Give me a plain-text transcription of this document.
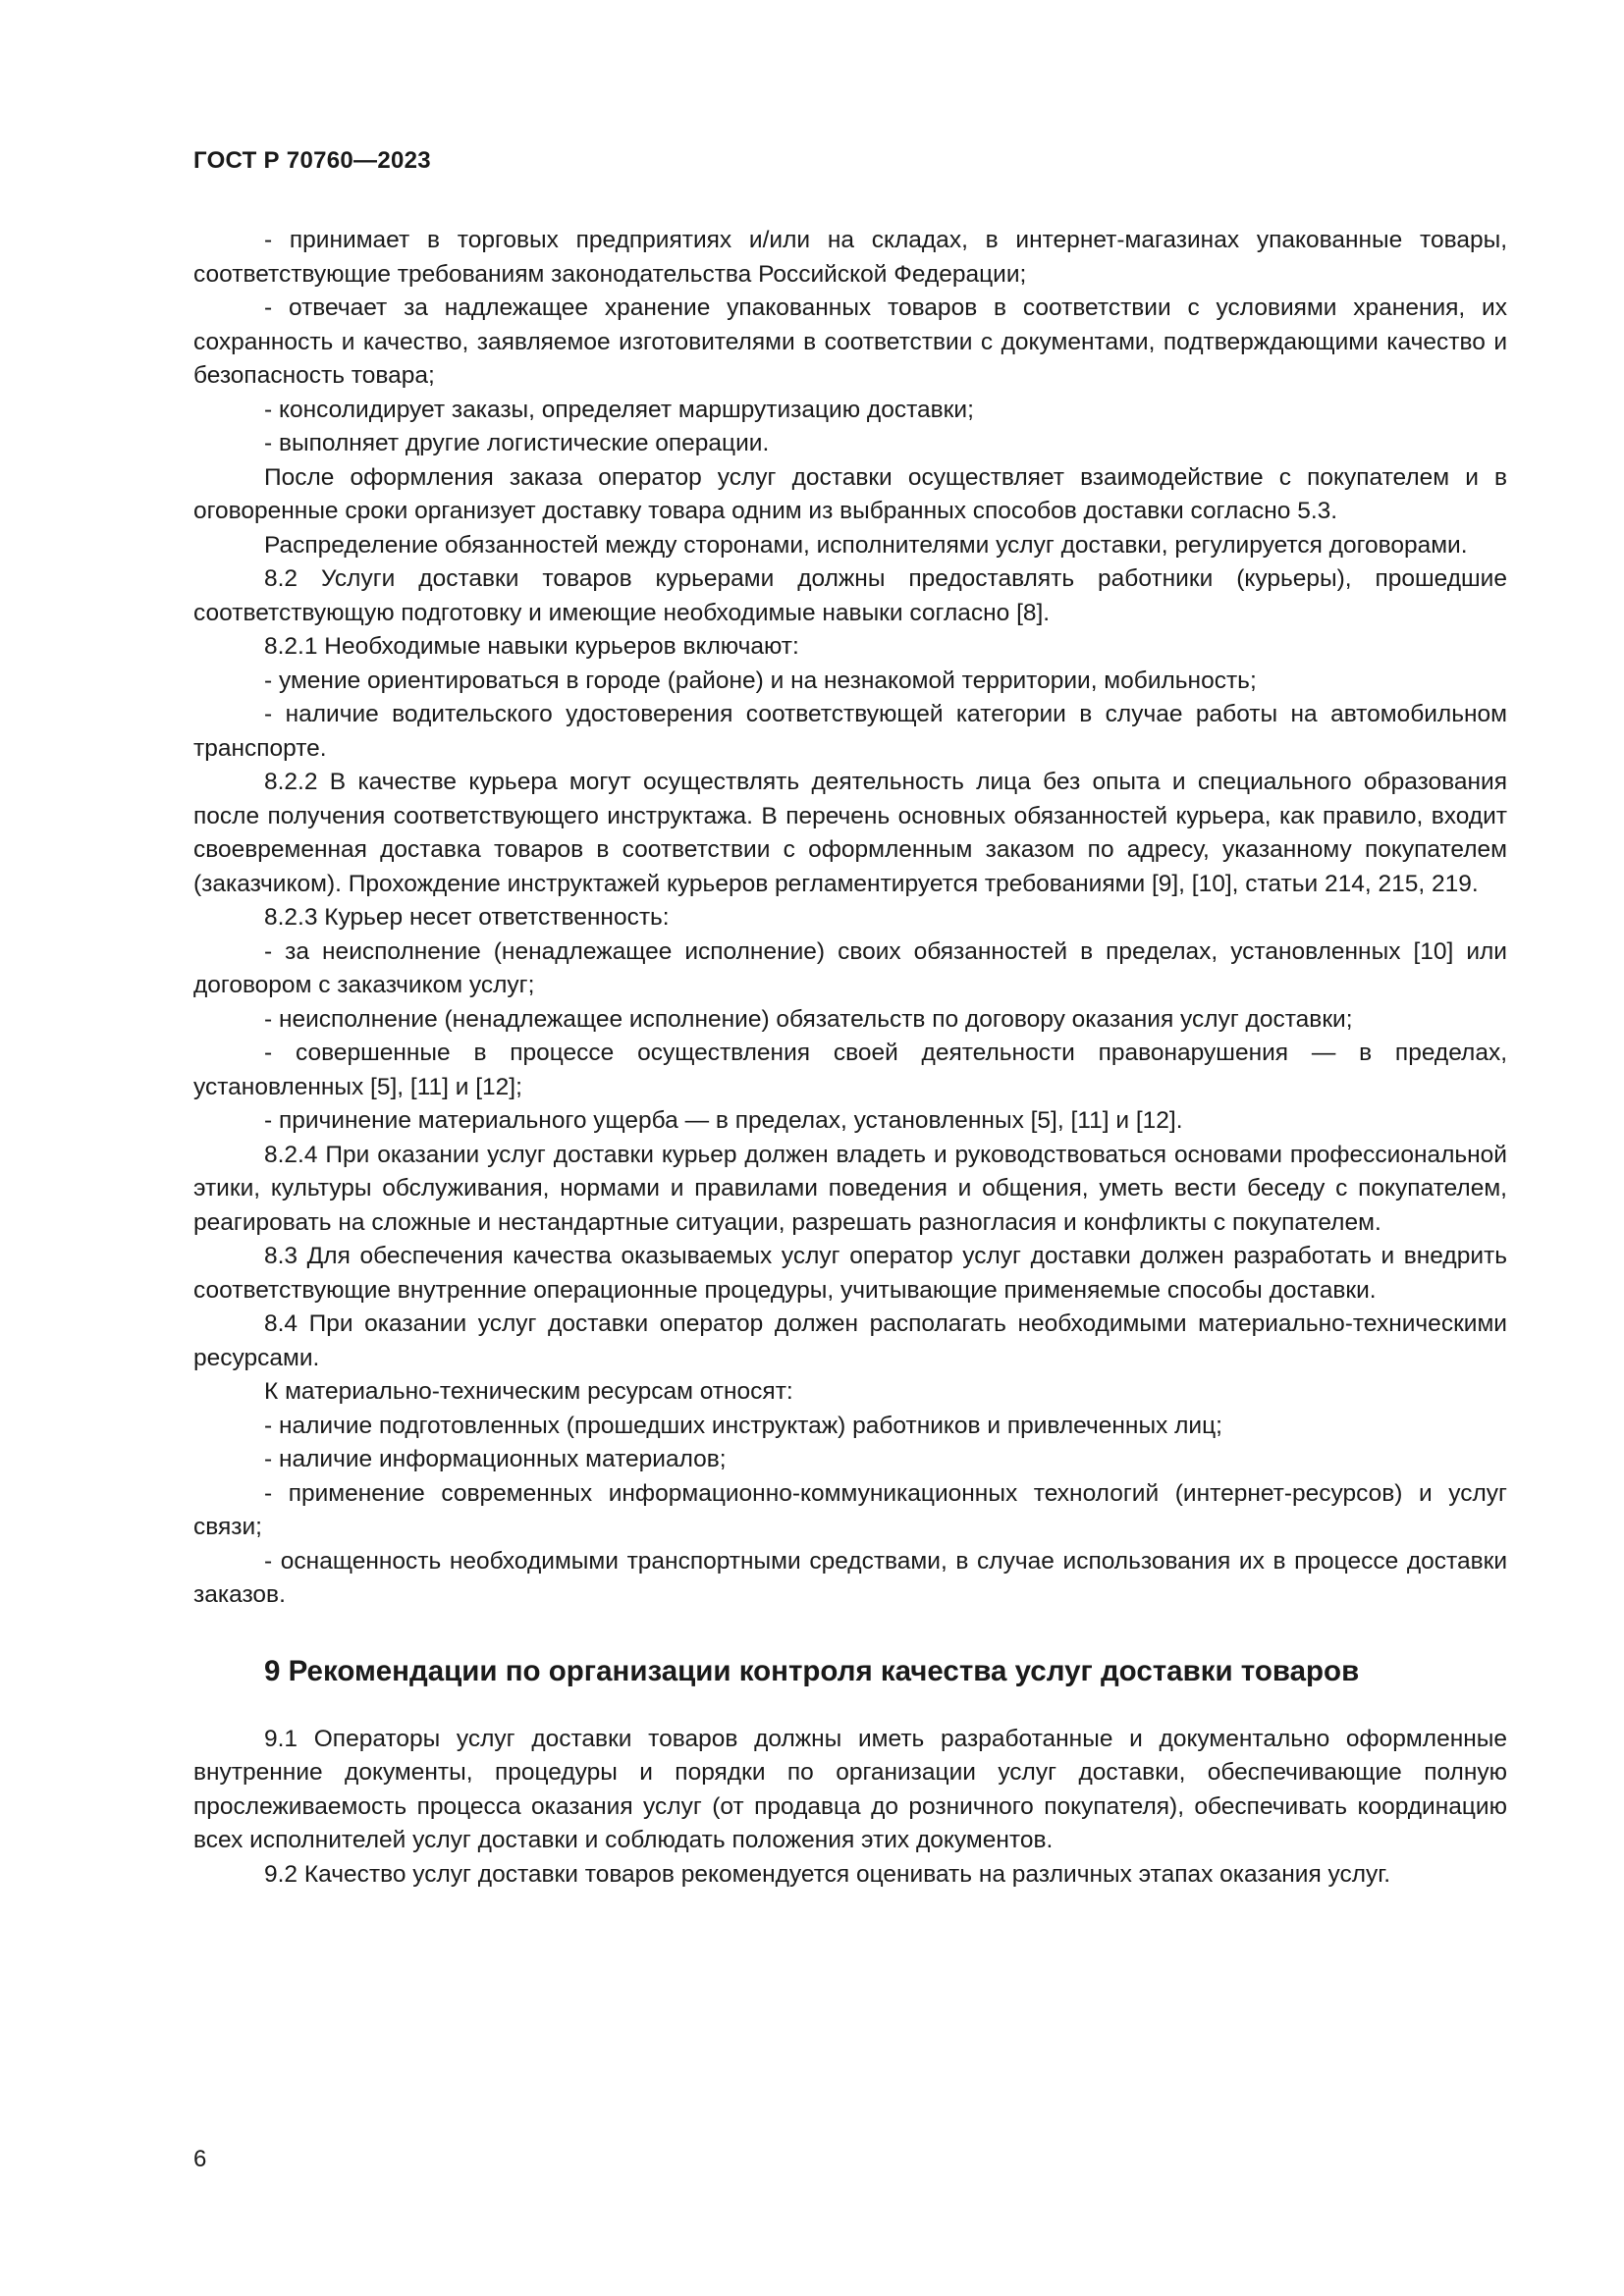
ГОСТ Р 70760—2023

- принимает в торговых предприятиях и/или на складах, в интернет-магазинах упакованные товары, соответствующие требованиям законодательства Российской Федерации;

- отвечает за надлежащее хранение упакованных товаров в соответствии с условиями хранения, их сохранность и качество, заявляемое изготовителями в соответствии с документами, подтверждающими качество и безопасность товара;

- консолидирует заказы, определяет маршрутизацию доставки;

- выполняет другие логистические операции.

После оформления заказа оператор услуг доставки осуществляет взаимодействие с покупателем и в оговоренные сроки организует доставку товара одним из выбранных способов доставки согласно 5.3.

Распределение обязанностей между сторонами, исполнителями услуг доставки, регулируется договорами.

8.2 Услуги доставки товаров курьерами должны предоставлять работники (курьеры), прошедшие соответствующую подготовку и имеющие необходимые навыки согласно [8].

8.2.1 Необходимые навыки курьеров включают:

- умение ориентироваться в городе (районе) и на незнакомой территории, мобильность;

- наличие водительского удостоверения соответствующей категории в случае работы на автомобильном транспорте.

8.2.2 В качестве курьера могут осуществлять деятельность лица без опыта и специального образования после получения соответствующего инструктажа. В перечень основных обязанностей курьера, как правило, входит своевременная доставка товаров в соответствии с оформленным заказом по адресу, указанному покупателем (заказчиком). Прохождение инструктажей курьеров регламентируется требованиями [9], [10], статьи 214, 215, 219.

8.2.3 Курьер несет ответственность:

- за неисполнение (ненадлежащее исполнение) своих обязанностей в пределах, установленных [10] или договором с заказчиком услуг;

- неисполнение (ненадлежащее исполнение) обязательств по договору оказания услуг доставки;

- совершенные в процессе осуществления своей деятельности правонарушения — в пределах, установленных [5], [11] и [12];

- причинение материального ущерба — в пределах, установленных [5], [11] и [12].

8.2.4 При оказании услуг доставки курьер должен владеть и руководствоваться основами профессиональной этики, культуры обслуживания, нормами и правилами поведения и общения, уметь вести беседу с покупателем, реагировать на сложные и нестандартные ситуации, разрешать разногласия и конфликты с покупателем.

8.3 Для обеспечения качества оказываемых услуг оператор услуг доставки должен разработать и внедрить соответствующие внутренние операционные процедуры, учитывающие применяемые способы доставки.

8.4 При оказании услуг доставки оператор должен располагать необходимыми материально-техническими ресурсами.

К материально-техническим ресурсам относят:

- наличие подготовленных (прошедших инструктаж) работников и привлеченных лиц;

- наличие информационных материалов;

- применение современных информационно-коммуникационных технологий (интернет-ресурсов) и услуг связи;

- оснащенность необходимыми транспортными средствами, в случае использования их в процессе доставки заказов.

9 Рекомендации по организации контроля качества услуг доставки товаров

9.1 Операторы услуг доставки товаров должны иметь разработанные и документально оформленные внутренние документы, процедуры и порядки по организации услуг доставки, обеспечивающие полную прослеживаемость процесса оказания услуг (от продавца до розничного покупателя), обеспечивать координацию всех исполнителей услуг доставки и соблюдать положения этих документов.

9.2 Качество услуг доставки товаров рекомендуется оценивать на различных этапах оказания услуг.

6
